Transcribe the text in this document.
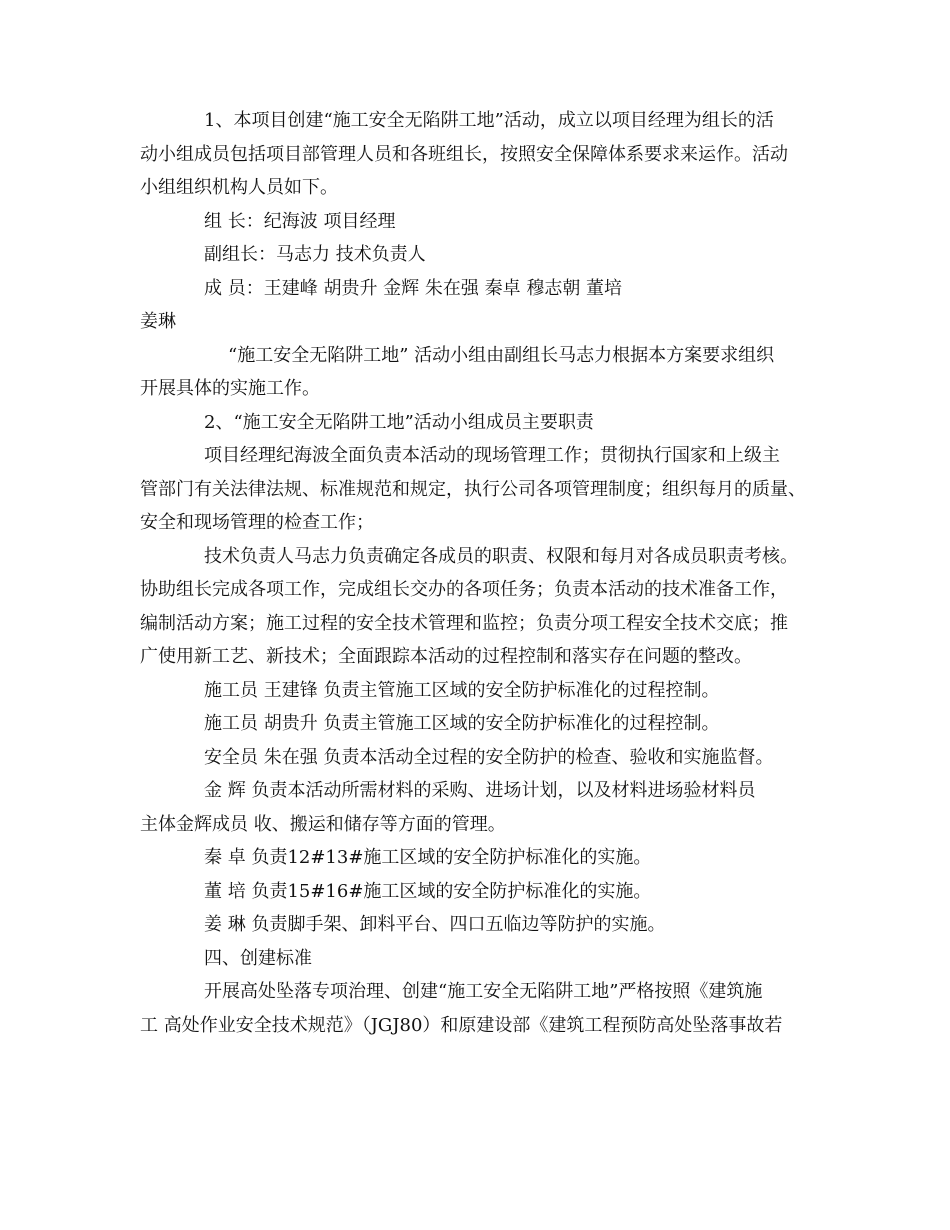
1、本项目创建“施工安全无陷阱工地”活动，成立以项目经理为组长的活
动小组成员包括项目部管理人员和各班组长，按照安全保障体系要求来运作。活动
小组组织机构人员如下。
组 长：纪海波 项目经理
副组长：马志力 技术负责人
成 员：王建峰 胡贵升 金辉 朱在强 秦卓 穆志朝 董培
姜琳
“施工安全无陷阱工地” 活动小组由副组长马志力根据本方案要求组织
开展具体的实施工作。
2、“施工安全无陷阱工地”活动小组成员主要职责
项目经理纪海波全面负责本活动的现场管理工作；贯彻执行国家和上级主
管部门有关法律法规、标准规范和规定，执行公司各项管理制度；组织每月的质量、
安全和现场管理的检查工作；
技术负责人马志力负责确定各成员的职责、权限和每月对各成员职责考核。
协助组长完成各项工作，完成组长交办的各项任务；负责本活动的技术准备工作，
编制活动方案；施工过程的安全技术管理和监控；负责分项工程安全技术交底；推
广使用新工艺、新技术；全面跟踪本活动的过程控制和落实存在问题的整改。
施工员 王建锋 负责主管施工区域的安全防护标准化的过程控制。
施工员 胡贵升 负责主管施工区域的安全防护标准化的过程控制。
安全员 朱在强 负责本活动全过程的安全防护的检查、验收和实施监督。
金 辉 负责本活动所需材料的采购、进场计划，以及材料进场验材料员
主体金辉成员 收、搬运和储存等方面的管理。
秦 卓 负责12#13#施工区域的安全防护标准化的实施。
董 培 负责15#16#施工区域的安全防护标准化的实施。
姜 琳 负责脚手架、卸料平台、四口五临边等防护的实施。
四、创建标准
开展高处坠落专项治理、创建“施工安全无陷阱工地”严格按照《建筑施
工 高处作业安全技术规范》（JGJ80）和原建设部《建筑工程预防高处坠落事故若
